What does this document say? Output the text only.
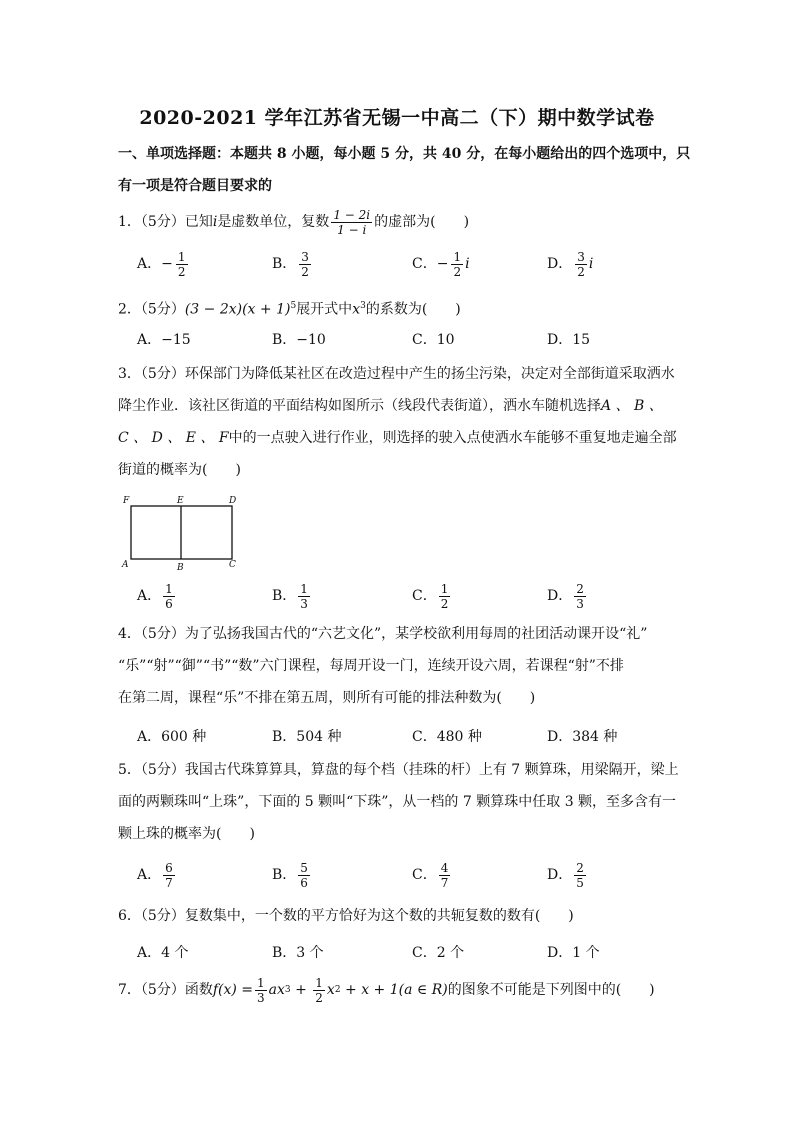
2020-2021 学年江苏省无锡一中高二（下）期中数学试卷
一、单项选择题：本题共 8 小题，每小题 5 分，共 40 分，在每小题给出的四个选项中，只
有一项是符合题目要求的
1．（5分）已知 i 是虚数单位，复数 $\frac{1 - 2i}{1 - i}$ 的虚部为(　　)
A． − $\frac{1}{2}$	B． $\frac{3}{2}$	C． − $\frac{1}{2}$ i	D． $\frac{3}{2}$ i
2．（5分）$(3 - 2x)(x + 1)^5$展开式中$x^3$的系数为(　　)
A．−15	B．−10	C．10	D．15
3．（5分）环保部门为降低某社区在改造过程中产生的扬尘污染，决定对全部街道采取洒水
降尘作业．该社区街道的平面结构如图所示（线段代表街道），洒水车随机选择A 、 B 、
C 、 D 、 E 、 F中的一点驶入进行作业，则选择的驶入点使洒水车能够不重复地走遍全部
街道的概率为(　　)
F	E	D
A	B	C
A． $\frac{1}{6}$	B． $\frac{1}{3}$	C． $\frac{1}{2}$	D． $\frac{2}{3}$
4．（5分）为了弘扬我国古代的“六艺文化”，某学校欲利用每周的社团活动课开设“礼”
“乐”“射”“御”“书”“数”六门课程，每周开设一门，连续开设六周，若课程“射”不排
在第二周，课程“乐”不排在第五周，则所有可能的排法种数为(　　)
A．600 种	B．504 种	C．480 种	D．384 种
5．（5分）我国古代珠算算具，算盘的每个档（挂珠的杆）上有 7 颗算珠，用梁隔开，梁上
面的两颗珠叫“上珠”，下面的 5 颗叫“下珠”，从一档的 7 颗算珠中任取 3 颗，至多含有一
颗上珠的概率为(　　)
A． $\frac{6}{7}$	B． $\frac{5}{6}$	C． $\frac{4}{7}$	D． $\frac{2}{5}$
6．（5分）复数集中，一个数的平方恰好为这个数的共轭复数的数有(　　)
A．4 个	B．3 个	C．2 个	D．1 个
7．（5分）函数 $f(x) = \frac{1}{3}$ ax $3 + \frac{1}{2}$ x 2 + x + 1(a ∈ R) 的图象不可能是下列图中的(　　)
